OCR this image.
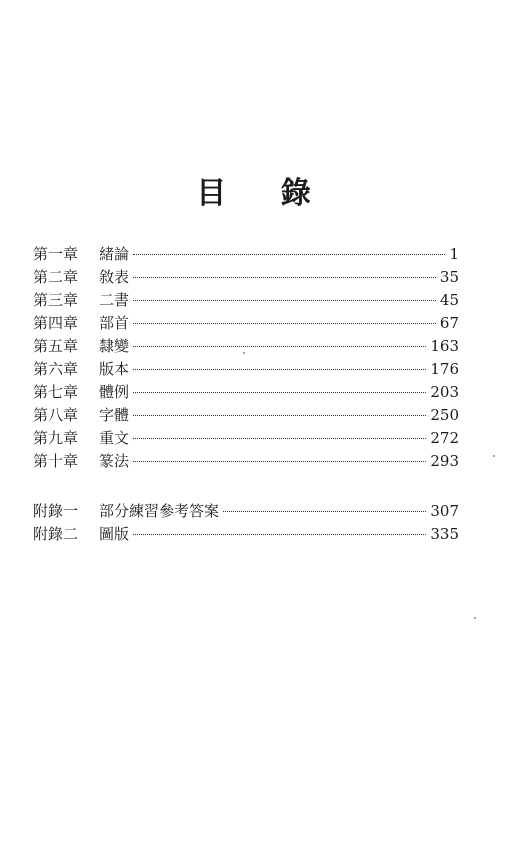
目 錄
第一章	緒論	1
第二章	敘表	35
第三章	二書	45
第四章	部首	67
第五章	隸變	163
第六章	版本	176
第七章	體例	203
第八章	字體	250
第九章	重文	272
第十章	篆法	293
附錄一	部分練習參考答案	307
附錄二	圖版	335
